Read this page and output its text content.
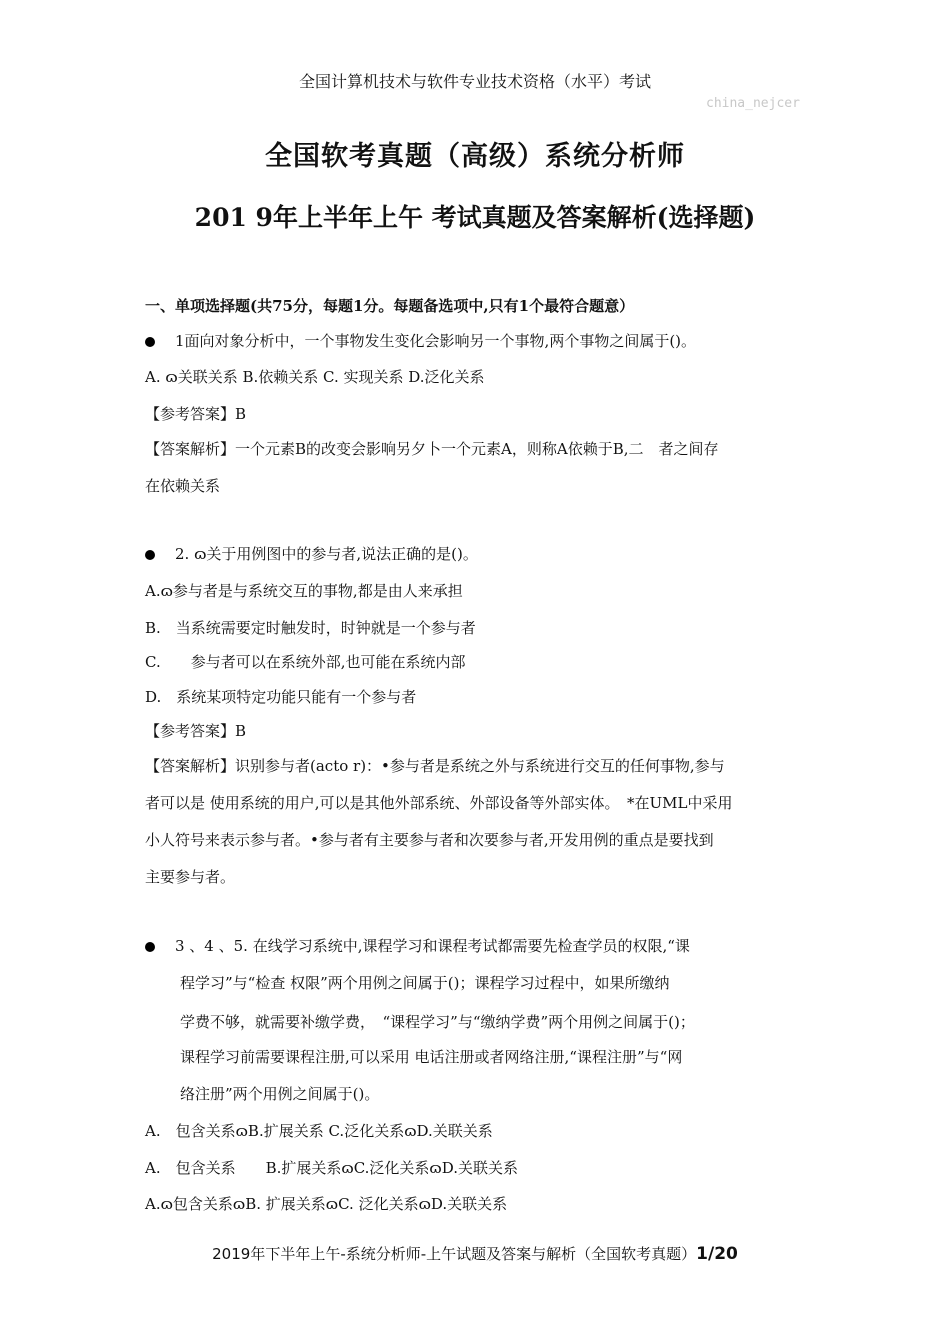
全国计算机技术与软件专业技术资格（水平）考试
china_nejcer
全国软考真题（高级）系统分析师
201 9年上半年上午 考试真题及答案解析(选择题)
一、单项选择题(共75分，每题1分。每题备选项中,只有1个最符合题意）
1面向对象分析中，一个事物发生变化会影响另一个事物,两个事物之间属于()。
A. ɷ关联关系 B.依赖关系 C. 实现关系 D.泛化关系
【参考答案】B
【答案解析】一个元素B的改变会影响另夕卜一个元素A，则称A依赖于B,二　者之间存
在依赖关系
2. ɷ关于用例图中的参与者,说法正确的是()。
A.ɷ参与者是与系统交互的事物,都是由人来承担
B.　当系统需要定时触发时，时钟就是一个参与者
C.　　参与者可以在系统外部,也可能在系统内部
D.　系统某项特定功能只能有一个参与者
【参考答案】B
【答案解析】识别参与者(acto r)：•参与者是系统之外与系统进行交互的任何事物,参与
者可以是 使用系统的用户,可以是其他外部系统、外部设备等外部实体。　*在UML中采用
小人符号来表示参与者。•参与者有主要参与者和次要参与者,开发用例的重点是要找到
主要参与者。
3 、4 、5. 在线学习系统中,课程学习和课程考试都需要先检查学员的权限,“课
程学习”与“检查 权限”两个用例之间属于()；课程学习过程中，如果所缴纳
学费不够，就需要补缴学费，　“课程学习”与“缴纳学费”两个用例之间属于()；
课程学习前需要课程注册,可以采用 电话注册或者网络注册,“课程注册”与“网
络注册”两个用例之间属于()。
A.　包含关系ɷB.扩展关系 C.泛化关系ɷD.关联关系
A.　包含关系　　B.扩展关系ɷC.泛化关系ɷD.关联关系
A.ɷ包含关系ɷB. 扩展关系ɷC. 泛化关系ɷD.关联关系
2019年下半年上午-系统分析师-上午试题及答案与解析（全国软考真题）1/20
